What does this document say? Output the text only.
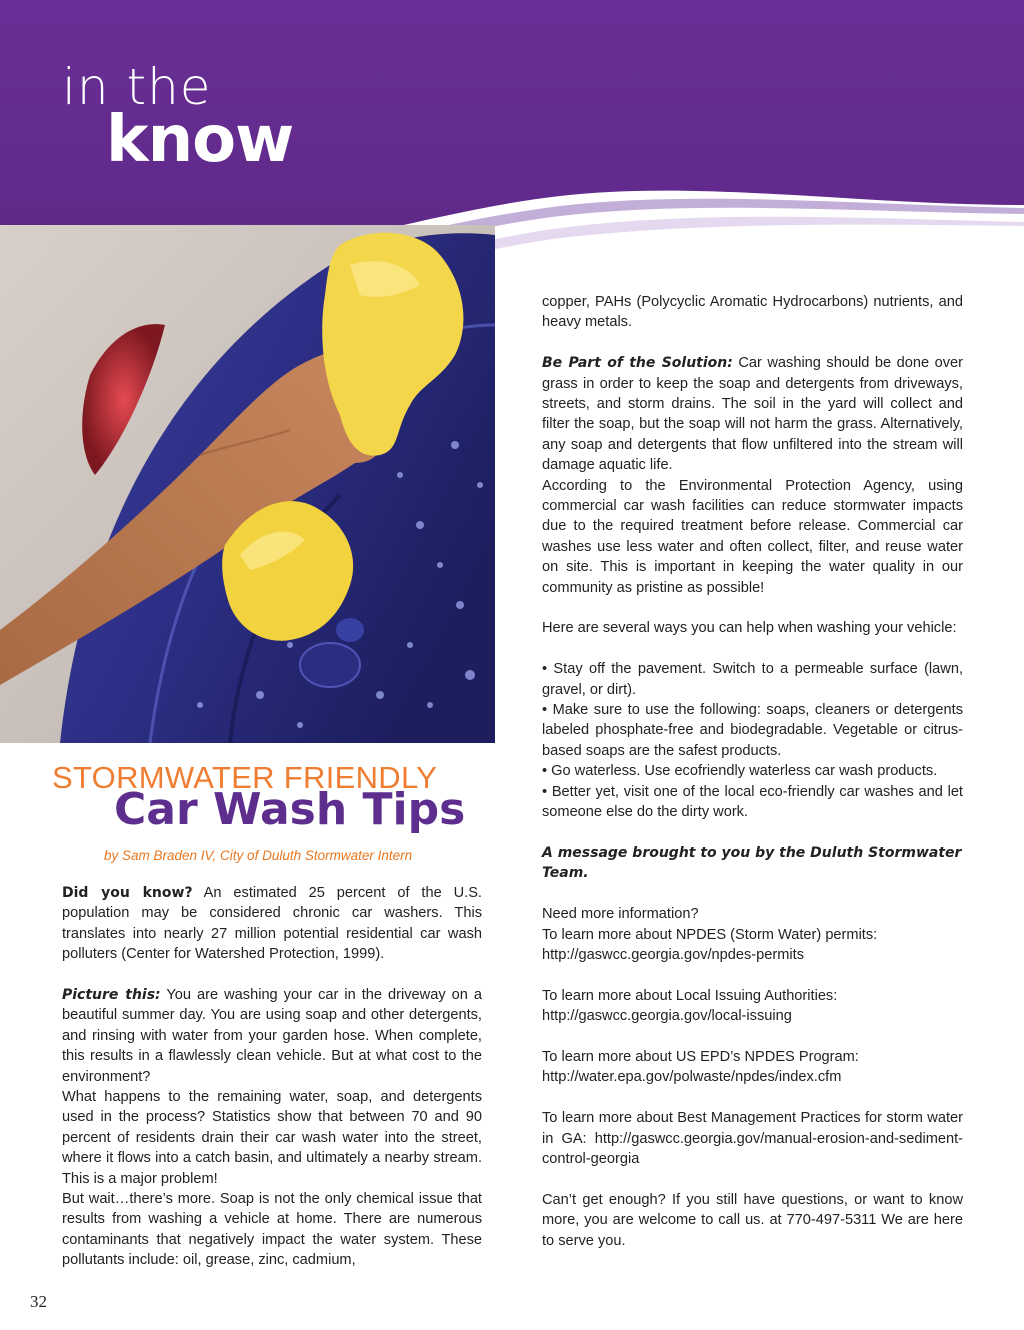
in the
know
STORMWATER FRIENDLY
Car Wash Tips
by Sam Braden IV, City of Duluth Stormwater Intern

Did you know? An estimated 25 percent of the U.S. population may be considered chronic car washers. This translates into nearly 27 million potential residential car wash polluters (Center for Watershed Protection, 1999).

Picture this: You are washing your car in the driveway on a beautiful summer day. You are using soap and other detergents, and rinsing with water from your garden hose. When complete, this results in a flawlessly clean vehicle. But at what cost to the environment?

What happens to the remaining water, soap, and detergents used in the process? Statistics show that between 70 and 90 percent of residents drain their car wash water into the street, where it flows into a catch basin, and ultimately a nearby stream. This is a major problem!

But wait…there’s more. Soap is not the only chemical issue that results from washing a vehicle at home. There are numerous contaminants that negatively impact the water system. These pollutants include: oil, grease, zinc, cadmium,

copper, PAHs (Polycyclic Aromatic Hydrocarbons) nutrients, and heavy metals.

Be Part of the Solution: Car washing should be done over grass in order to keep the soap and detergents from driveways, streets, and storm drains. The soil in the yard will collect and filter the soap, but the soap will not harm the grass. Alternatively, any soap and detergents that flow unfiltered into the stream will damage aquatic life.

According to the Environmental Protection Agency, using commercial car wash facilities can reduce stormwater impacts due to the required treatment before release. Commercial car washes use less water and often collect, filter, and reuse water on site. This is important in keeping the water quality in our community as pristine as possible!

Here are several ways you can help when washing your vehicle:

• Stay off the pavement. Switch to a permeable surface (lawn, gravel, or dirt).

• Make sure to use the following: soaps, cleaners or detergents labeled phosphate-free and biodegradable. Vegetable or citrus-based soaps are the safest products.

• Go waterless. Use ecofriendly waterless car wash products.

• Better yet, visit one of the local eco-friendly car washes and let someone else do the dirty work.

A message brought to you by the Duluth Stormwater Team.

Need more information?

To learn more about NPDES (Storm Water) permits:

http://gaswcc.georgia.gov/npdes-permits

To learn more about Local Issuing Authorities:

http://gaswcc.georgia.gov/local-issuing

To learn more about US EPD’s NPDES Program:

http://water.epa.gov/polwaste/npdes/index.cfm

To learn more about Best Management Practices for storm water in GA: http://gaswcc.georgia.gov/manual-erosion-and-sediment-control-georgia

Can’t get enough? If you still have questions, or want to know more, you are welcome to call us. at 770-497-5311 We are here to serve you.

32
